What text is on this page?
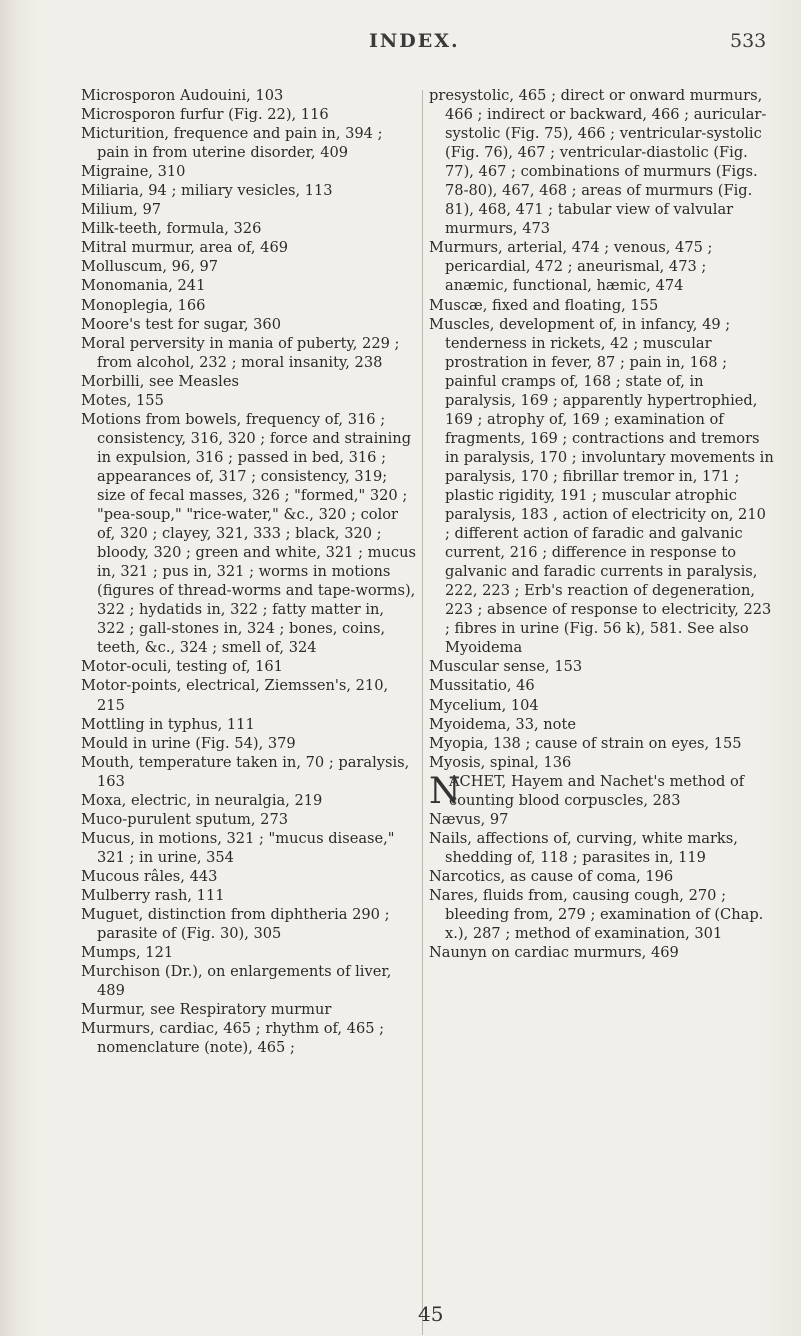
INDEX.	533

Microsporon Audouini, 103

Microsporon furfur (Fig. 22), 116

Micturition, frequence and pain in, 394 ; pain in from uterine disorder, 409

Migraine, 310

Miliaria, 94 ; miliary vesicles, 113

Milium, 97

Milk-teeth, formula, 326

Mitral murmur, area of, 469

Molluscum, 96, 97

Monomania, 241

Monoplegia, 166

Moore's test for sugar, 360

Moral perversity in mania of puberty, 229 ; from alcohol, 232 ; moral insanity, 238

Morbilli, see Measles

Motes, 155

Motions from bowels, frequency of, 316 ; consistency, 316, 320 ; force and straining in expulsion, 316 ; passed in bed, 316 ; appearances of, 317 ; consistency, 319; size of fecal masses, 326 ; "formed," 320 ; "pea-soup," "rice-water," &c., 320 ; color of, 320 ; clayey, 321, 333 ; black, 320 ; bloody, 320 ; green and white, 321 ; mucus in, 321 ; pus in, 321 ; worms in motions (figures of thread-worms and tape-worms), 322 ; hydatids in, 322 ; fatty matter in, 322 ; gall-stones in, 324 ; bones, coins, teeth, &c., 324 ; smell of, 324

Motor-oculi, testing of, 161

Motor-points, electrical, Ziemssen's, 210, 215

Mottling in typhus, 111

Mould in urine (Fig. 54), 379

Mouth, temperature taken in, 70 ; paralysis, 163

Moxa, electric, in neuralgia, 219

Muco-purulent sputum, 273

Mucus, in motions, 321 ; "mucus disease," 321 ; in urine, 354

Mucous râles, 443

Mulberry rash, 111

Muguet, distinction from diphtheria 290 ; parasite of (Fig. 30), 305

Mumps, 121

Murchison (Dr.), on enlargements of liver, 489

Murmur, see Respiratory murmur

Murmurs, cardiac, 465 ; rhythm of, 465 ; nomenclature (note), 465 ;

presystolic, 465 ; direct or onward murmurs, 466 ; indirect or backward, 466 ; auricular-systolic (Fig. 75), 466 ; ventricular-systolic (Fig. 76), 467 ; ventricular-diastolic (Fig. 77), 467 ; combinations of murmurs (Figs. 78-80), 467, 468 ; areas of murmurs (Fig. 81), 468, 471 ; tabular view of valvular murmurs, 473

Murmurs, arterial, 474 ; venous, 475 ; pericardial, 472 ; aneurismal, 473 ; anæmic, functional, hæmic, 474

Muscæ, fixed and floating, 155

Muscles, development of, in infancy, 49 ; tenderness in rickets, 42 ; muscular prostration in fever, 87 ; pain in, 168 ; painful cramps of, 168 ; state of, in paralysis, 169 ; apparently hypertrophied, 169 ; atrophy of, 169 ; examination of fragments, 169 ; contractions and tremors in paralysis, 170 ; involuntary movements in paralysis, 170 ; fibrillar tremor in, 171 ; plastic rigidity, 191 ; muscular atrophic paralysis, 183 , action of electricity on, 210 ; different action of faradic and galvanic current, 216 ; difference in response to galvanic and faradic currents in paralysis, 222, 223 ; Erb's reaction of degeneration, 223 ; absence of response to electricity, 223 ; fibres in urine (Fig. 56 k), 581. See also Myoidema

Muscular sense, 153

Mussitatio, 46

Mycelium, 104

Myoidema, 33, note

Myopia, 138 ; cause of strain on eyes, 155

Myosis, spinal, 136

N
ACHET, Hayem and Nachet's method of counting blood corpuscles, 283

Nævus, 97

Nails, affections of, curving, white marks, shedding of, 118 ; parasites in, 119

Narcotics, as cause of coma, 196

Nares, fluids from, causing cough, 270 ; bleeding from, 279 ; examination of (Chap. x.), 287 ; method of examination, 301

Naunyn on cardiac murmurs, 469

45
